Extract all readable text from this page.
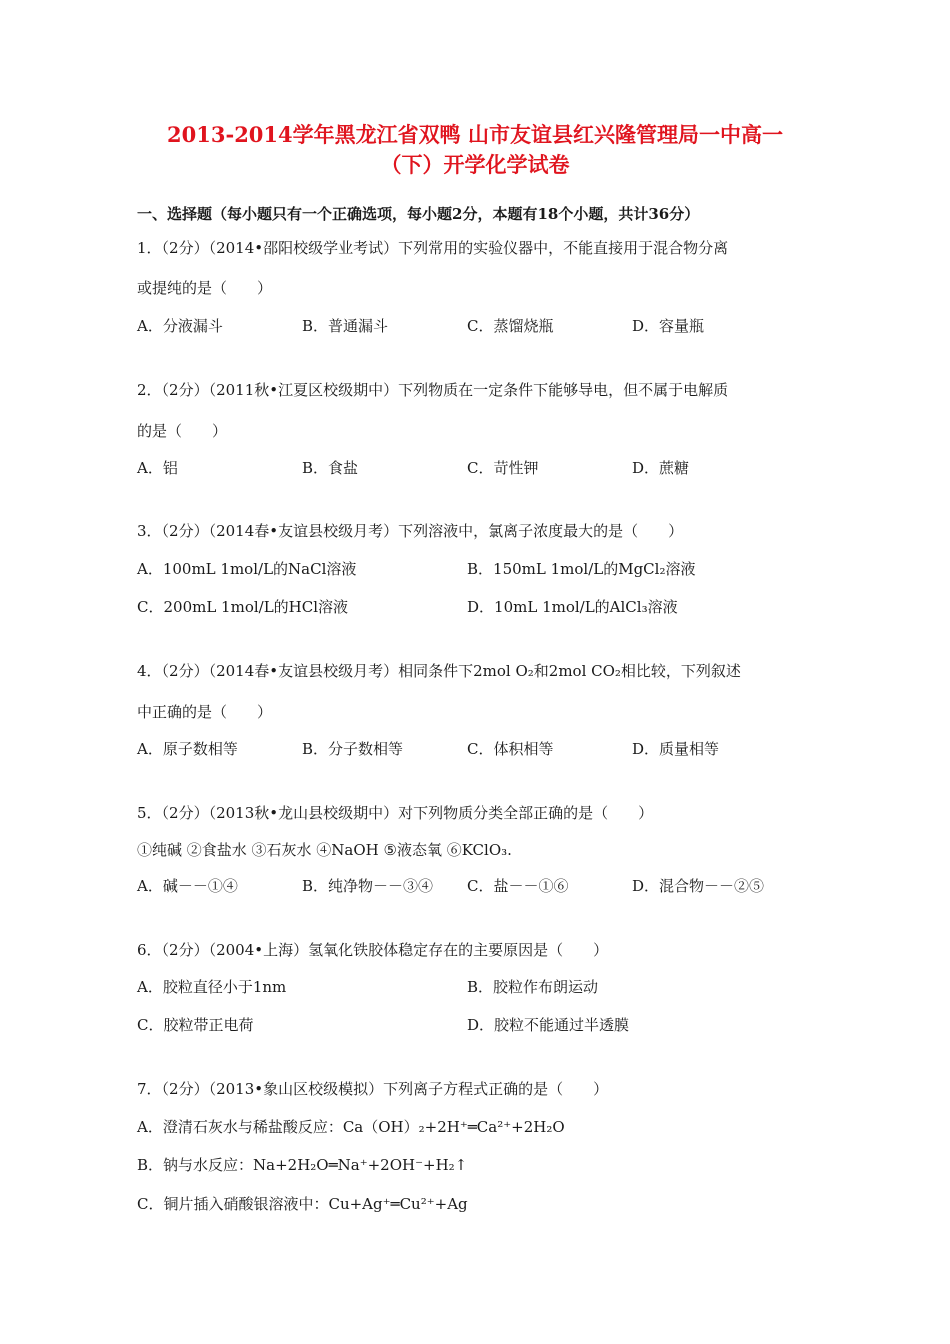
2013-2014学年黑龙江省双鸭 山市友谊县红兴隆管理局一中高一
（下）开学化学试卷
一、选择题（每小题只有一个正确选项，每小题2分，本题有18个小题，共计36分）
1．（2分）（2014•邵阳校级学业考试）下列常用的实验仪器中，不能直接用于混合物分离
或提纯的是（　　）
A．分液漏斗	B．普通漏斗	C．蒸馏烧瓶	D．容量瓶
2．（2分）（2011秋•江夏区校级期中）下列物质在一定条件下能够导电，但不属于电解质
的是（　　）
A．铝	B．食盐	C．苛性钾	D．蔗糖
3．（2分）（2014春•友谊县校级月考）下列溶液中，氯离子浓度最大的是（　　）
A．100mL 1mol/L的NaCl溶液	B．150mL 1mol/L的MgCl₂溶液
C．200mL 1mol/L的HCl溶液	D．10mL 1mol/L的AlCl₃溶液
4．（2分）（2014春•友谊县校级月考）相同条件下2mol O₂和2mol CO₂相比较，下列叙述
中正确的是（　　）
A．原子数相等	B．分子数相等	C．体积相等	D．质量相等
5．（2分）（2013秋•龙山县校级期中）对下列物质分类全部正确的是（　　）
①纯碱 ②食盐水 ③石灰水 ④NaOH ⑤液态氧 ⑥KClO₃.
A．碱－－①④	B．纯净物－－③④ C．盐－－①⑥	D．混合物－－②⑤
6．（2分）（2004•上海）氢氧化铁胶体稳定存在的主要原因是（　　）
A．胶粒直径小于1nm	B．胶粒作布朗运动
C．胶粒带正电荷	D．胶粒不能通过半透膜
7．（2分）（2013•象山区校级模拟）下列离子方程式正确的是（　　）
A．澄清石灰水与稀盐酸反应：Ca（OH）₂+2H⁺═Ca²⁺+2H₂O
B．钠与水反应：Na+2H₂O═Na⁺+2OH⁻+H₂↑
C．铜片插入硝酸银溶液中：Cu+Ag⁺═Cu²⁺+Ag
